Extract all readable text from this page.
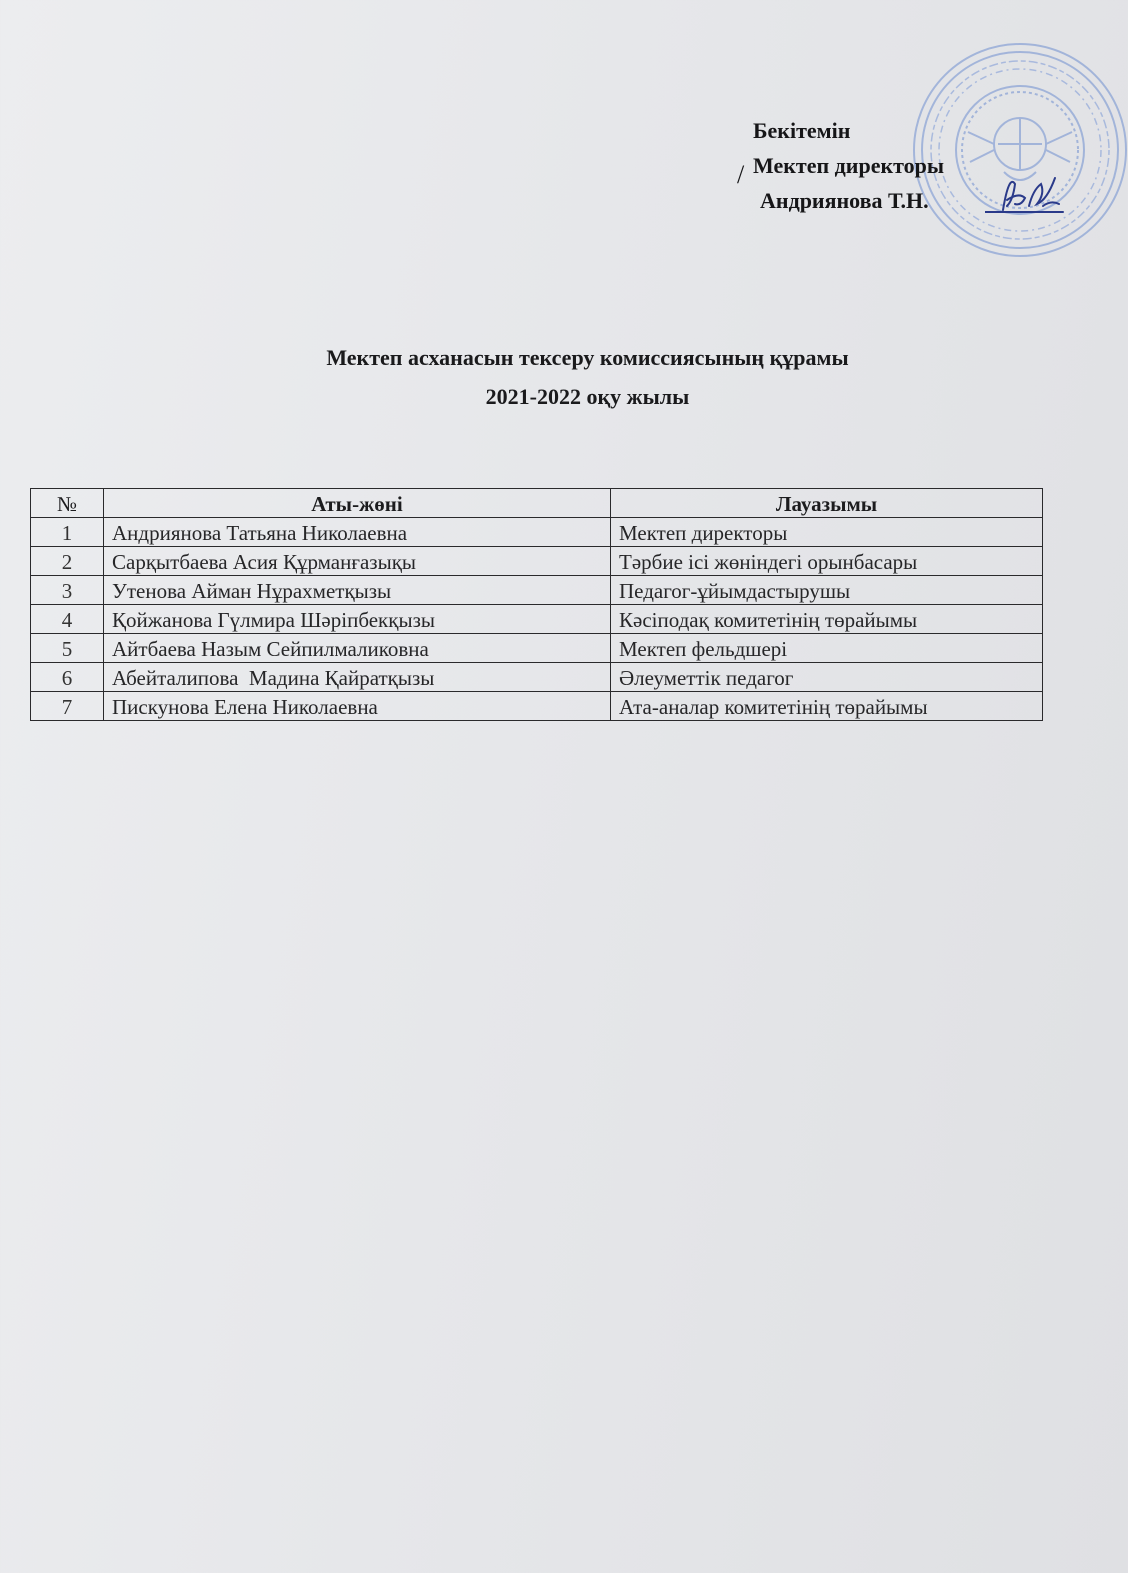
/
Бекітемін
Мектеп директоры
Андриянова Т.Н.
Мектеп асханасын тексеру комиссиясының құрамы
2021-2022 оқу жылы
№	Аты-жөні	Лауазымы
1	Андриянова Татьяна Николаевна	Мектеп директоры
2	Сарқытбаева Асия Құрманғазықы	Тәрбие ісі жөніндегі орынбасары
3	Утенова Айман Нұрахметқызы	Педагог-ұйымдастырушы
4	Қойжанова Гүлмира Шәріпбекқызы	Кәсіподақ комитетінің төрайымы
5	Айтбаева Назым Сейпилмаликовна	Мектеп фельдшері
6	Абейталипова  Мадина Қайратқызы	Әлеуметтік педагог
7	Пискунова Елена Николаевна	Ата-аналар комитетінің төрайымы
